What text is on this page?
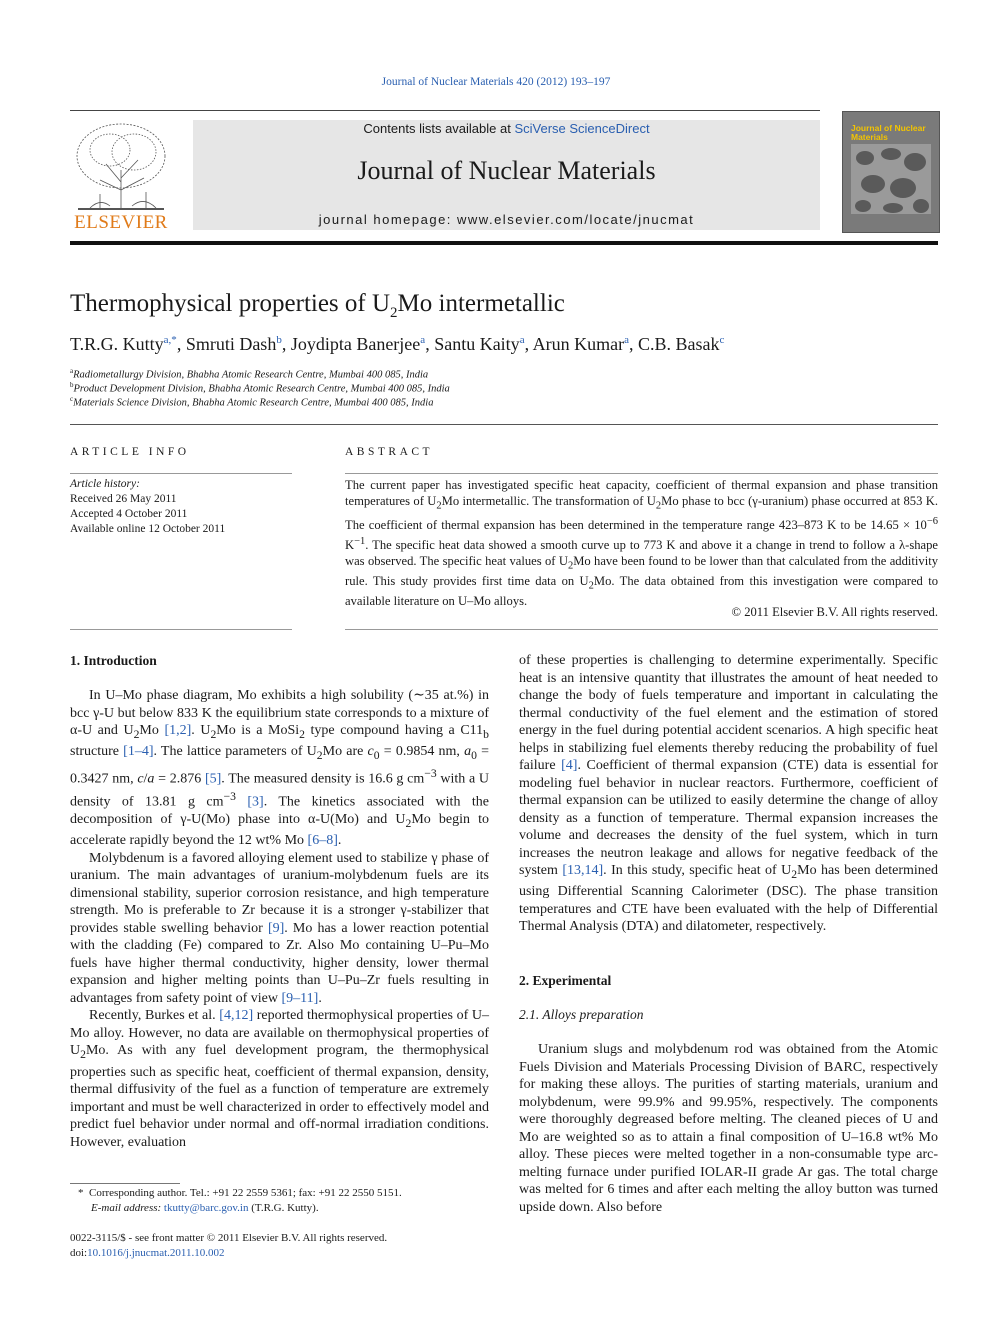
Journal of Nuclear Materials 420 (2012) 193–197
ELSEVIER
Contents lists available at SciVerse ScienceDirect
Journal of Nuclear Materials
journal homepage: www.elsevier.com/locate/jnucmat
Journal of Nuclear Materials
Thermophysical properties of $U_2Mo$ intermetallic
T.R.G. Kutty$^{a,*}$, Smruti Dash$^b$, Joydipta Banerjee$^a$, Santu Kaity$^a$, Arun Kumar$^a$, C.B. Basak$^c$
$^a$Radiometallurgy Division, Bhabha Atomic Research Centre, Mumbai 400 085, India
$^b$Product Development Division, Bhabha Atomic Research Centre, Mumbai 400 085, India
$^c$Materials Science Division, Bhabha Atomic Research Centre, Mumbai 400 085, India
ARTICLE INFO
Article history:
Received 26 May 2011
Accepted 4 October 2011
Available online 12 October 2011
ABSTRACT
The current paper has investigated specific heat capacity, coefficient of thermal expansion and phase transition temperatures of $U_2Mo$ intermetallic. The transformation of $U_2Mo$ phase to bcc (γ-uranium) phase occurred at 853 K. The coefficient of thermal expansion has been determined in the temperature range 423–873 K to be $14.65 \times 10^{-6}$ $K^{-1}$. The specific heat data showed a smooth curve up to 773 K and above it a change in trend to follow a λ-shape was observed. The specific heat values of $U_2Mo$ have been found to be lower than that calculated from the additivity rule. This study provides first time data on $U_2Mo$. The data obtained from this investigation were compared to available literature on U–Mo alloys.
© 2011 Elsevier B.V. All rights reserved.
1. Introduction

In U–Mo phase diagram, Mo exhibits a high solubility (∼35 at.%) in bcc γ-U but below 833 K the equilibrium state corresponds to a mixture of α-U and $U_2Mo$ [1,2]. $U_2Mo$ is a MoSi$_2$ type compound having a $C11_b$ structure [1–4]. The lattice parameters of $U_2Mo$ are $c_0 = 0.9854$ nm, $a_0 = 0.3427$ nm, c/a = 2.876 [5]. The measured density is 16.6 g $cm^{-3}$ with a U density of 13.81 g $cm^{-3}$ [3]. The kinetics associated with the decomposition of γ-U(Mo) phase into α-U(Mo) and $U_2Mo$ begin to accelerate rapidly beyond the 12 wt% Mo [6–8].

Molybdenum is a favored alloying element used to stabilize γ phase of uranium. The main advantages of uranium-molybdenum fuels are its dimensional stability, superior corrosion resistance, and high temperature strength. Mo is preferable to Zr because it is a stronger γ-stabilizer that provides stable swelling behavior [9]. Mo has a lower reaction potential with the cladding (Fe) compared to Zr. Also Mo containing U–Pu–Mo fuels have higher thermal conductivity, higher density, lower thermal expansion and higher melting points than U–Pu–Zr fuels resulting in advantages from safety point of view [9–11].

Recently, Burkes et al. [4,12] reported thermophysical properties of U–Mo alloy. However, no data are available on thermophysical properties of $U_2Mo$. As with any fuel development program, the thermophysical properties such as specific heat, coefficient of thermal expansion, density, thermal diffusivity of the fuel as a function of temperature are extremely important and must be well characterized in order to effectively model and predict fuel behavior under normal and off-normal irradiation conditions. However, evaluation

*  Corresponding author. Tel.: +91 22 2559 5361; fax: +91 22 2550 5151.
E-mail address: tkutty@barc.gov.in (T.R.G. Kutty).
0022-3115/$ - see front matter © 2011 Elsevier B.V. All rights reserved.
doi:10.1016/j.jnucmat.2011.10.002

of these properties is challenging to determine experimentally. Specific heat is an intensive quantity that illustrates the amount of heat needed to change the body of fuels temperature and important in calculating the thermal conductivity of the fuel element and the estimation of stored energy in the fuel during potential accident scenarios. A high specific heat helps in stabilizing fuel elements thereby reducing the probability of fuel failure [4]. Coefficient of thermal expansion (CTE) data is essential for modeling fuel behavior in nuclear reactors. Furthermore, coefficient of thermal expansion can be utilized to easily determine the change of alloy density as a function of temperature. Thermal expansion increases the volume and decreases the density of the fuel system, which in turn increases the neutron leakage and allows for negative feedback of the system [13,14]. In this study, specific heat of $U_2Mo$ has been determined using Differential Scanning Calorimeter (DSC). The phase transition temperatures and CTE have been evaluated with the help of Differential Thermal Analysis (DTA) and dilatometer, respectively.

2. Experimental
2.1. Alloys preparation

Uranium slugs and molybdenum rod was obtained from the Atomic Fuels Division and Materials Processing Division of BARC, respectively for making these alloys. The purities of starting materials, uranium and molybdenum, were 99.9% and 99.95%, respectively. The components were thoroughly degreased before melting. The cleaned pieces of U and Mo are weighted so as to attain a final composition of U–16.8 wt% Mo alloy. These pieces were melted together in a non-consumable type arc-melting furnace under purified IOLAR-II grade Ar gas. The total charge was melted for 6 times and after each melting the alloy button was turned upside down. Also before
